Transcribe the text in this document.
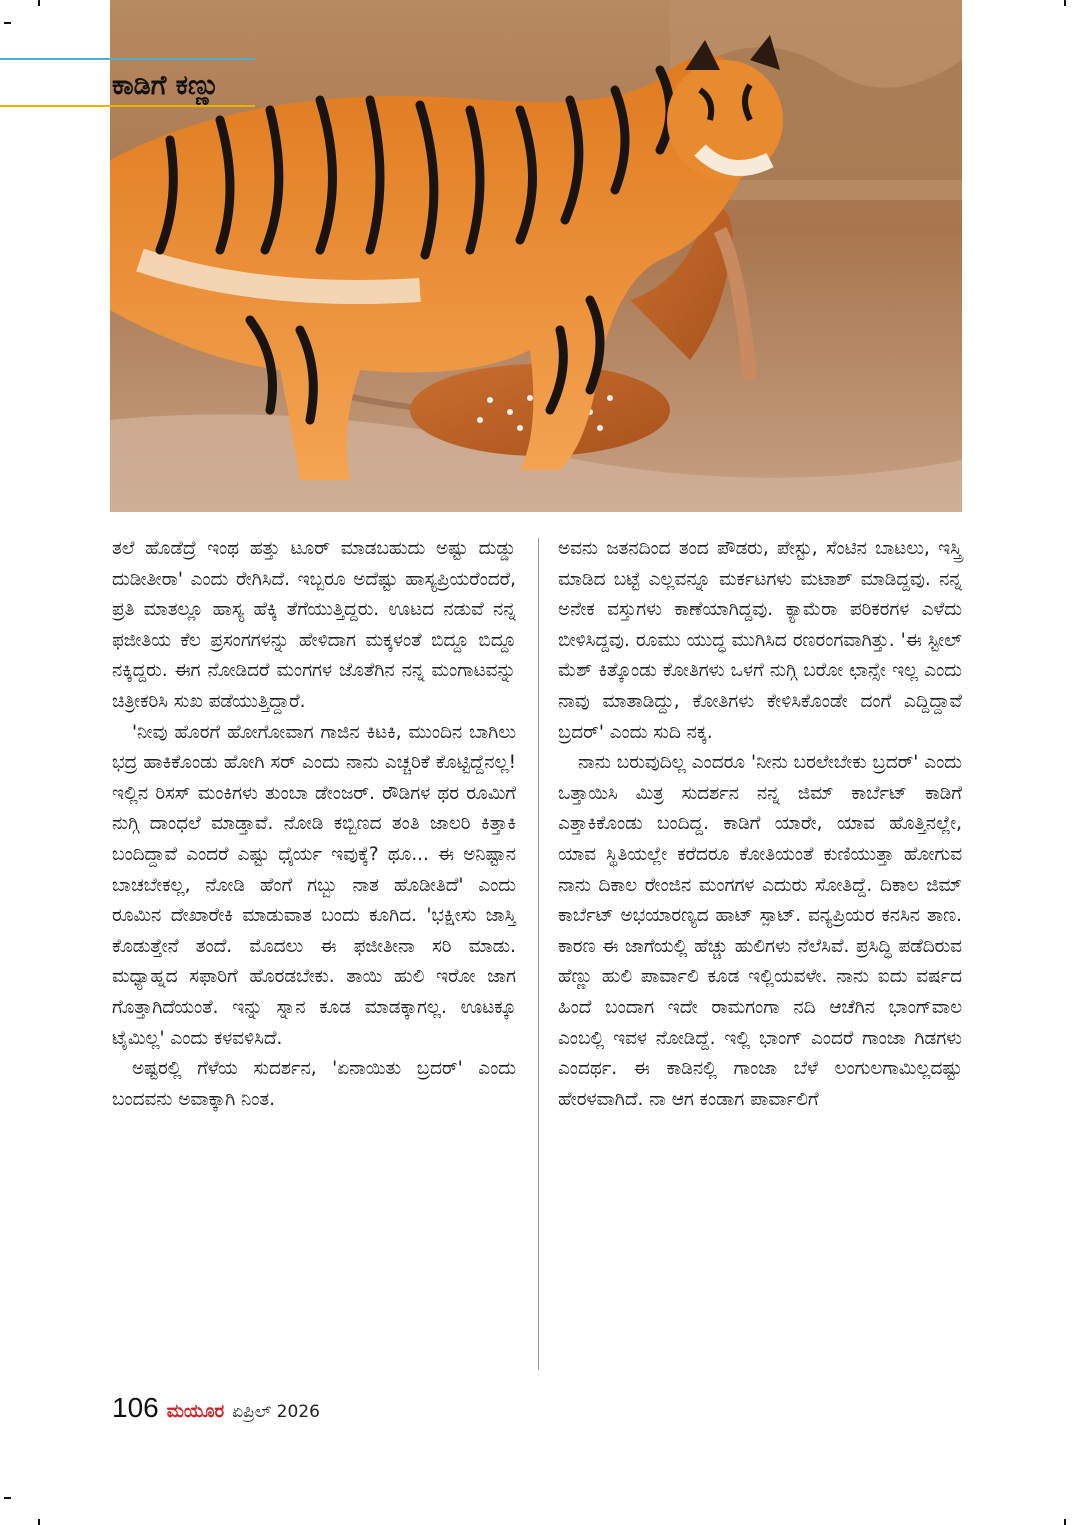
ಕಾಡಿಗೆ ಕಣ್ಣು

ತಲೆ ಹೊಡೆದ್ರೆ ಇಂಥ ಹತ್ತು ಟೂರ್ ಮಾಡಬಹುದು ಅಷ್ಟು ದುಡ್ಡು ದುಡೀತೀರಾ' ಎಂದು ರೇಗಿಸಿದೆ. ಇಬ್ಬರೂ ಅದೆಷ್ಟು ಹಾಸ್ಯಪ್ರಿಯರೆಂದರೆ, ಪ್ರತಿ ಮಾತಲ್ಲೂ ಹಾಸ್ಯ ಹೆಕ್ಕಿ ತೆಗೆಯುತ್ತಿದ್ದರು. ಊಟದ ನಡುವೆ ನನ್ನ ಫಜೀತಿಯ ಕೆಲ ಪ್ರಸಂಗಗಳನ್ನು ಹೇಳಿದಾಗ ಮಕ್ಕಳಂತೆ ಬಿದ್ದೂ ಬಿದ್ದೂ ನಕ್ಕಿದ್ದರು. ಈಗ ನೋಡಿದರೆ ಮಂಗಗಳ ಜೊತೆಗಿನ ನನ್ನ ಮಂಗಾಟವನ್ನು ಚಿತ್ರೀಕರಿಸಿ ಸುಖ ಪಡೆಯುತ್ತಿದ್ದಾರೆ.

'ನೀವು ಹೊರಗೆ ಹೋಗೋವಾಗ ಗಾಜಿನ ಕಿಟಕಿ, ಮುಂದಿನ ಬಾಗಿಲು ಭದ್ರ ಹಾಕಿಕೊಂಡು ಹೋಗಿ ಸರ್ ಎಂದು ನಾನು ಎಚ್ಚರಿಕೆ ಕೊಟ್ಟಿದ್ದೆನಲ್ಲ! ಇಲ್ಲಿನ ರಿಸಸ್ ಮಂಕಿಗಳು ತುಂಬಾ ಡೇಂಜರ್. ರೌಡಿಗಳ ಥರ ರೂಮಿಗೆ ನುಗ್ಗಿ ದಾಂಧಲೆ ಮಾಡ್ತಾವೆ. ನೋಡಿ ಕಬ್ಬಿಣದ ತಂತಿ ಜಾಲರಿ ಕಿತ್ತಾಕಿ ಬಂದಿದ್ದಾವೆ ಎಂದರೆ ಎಷ್ಟು ಧೈರ್ಯ ಇವುಕ್ಕೆ? ಥೂ... ಈ ಅನಿಷ್ಟಾನ ಬಾಚಬೇಕಲ್ಲ, ನೋಡಿ ಹೆಂಗೆ ಗಬ್ಬು ನಾತ ಹೊಡೀತಿದೆ' ಎಂದು ರೂಮಿನ ದೇಖಾರೇಕಿ ಮಾಡುವಾತ ಬಂದು ಕೂಗಿದ. 'ಭಕ್ಷೀಸು ಜಾಸ್ತಿ ಕೊಡುತ್ತೇನೆ ತಂದೆ. ಮೊದಲು ಈ ಫಜೀತೀನಾ ಸರಿ ಮಾಡು. ಮಧ್ಯಾಹ್ನದ ಸಫಾರಿಗೆ ಹೊರಡಬೇಕು. ತಾಯಿ ಹುಲಿ ಇರೋ ಜಾಗ ಗೊತ್ತಾಗಿದೆಯಂತೆ. ಇನ್ನು ಸ್ನಾನ ಕೂಡ ಮಾಡಕ್ಕಾಗಲ್ಲ. ಊಟಕ್ಕೂ ಟೈಮಿಲ್ಲ' ಎಂದು ಕಳವಳಿಸಿದೆ.

ಅಷ್ಟರಲ್ಲಿ ಗೆಳೆಯ ಸುದರ್ಶನ, 'ಏನಾಯಿತು ಬ್ರದರ್' ಎಂದು ಬಂದವನು ಅವಾಕ್ಕಾಗಿ ನಿಂತ.

ಅವನು ಜತನದಿಂದ ತಂದ ಪೌಡರು, ಪೇಸ್ಟು, ಸೆಂಟಿನ ಬಾಟಲು, ಇಸ್ತ್ರಿ ಮಾಡಿದ ಬಟ್ಟೆ ಎಲ್ಲವನ್ನೂ ಮರ್ಕಟಗಳು ಮಟಾಶ್ ಮಾಡಿದ್ದವು. ನನ್ನ ಅನೇಕ ವಸ್ತುಗಳು ಕಾಣೆಯಾಗಿದ್ದವು. ಕ್ಯಾಮೆರಾ ಪರಿಕರಗಳ ಎಳೆದು ಬೀಳಿಸಿದ್ದವು. ರೂಮು ಯುದ್ಧ ಮುಗಿಸಿದ ರಣರಂಗವಾಗಿತ್ತು. 'ಈ ಸ್ಟೀಲ್ ಮೆಶ್ ಕಿತ್ಕೊಂಡು ಕೋತಿಗಳು ಒಳಗೆ ನುಗ್ಗಿ ಬರೋ ಛಾನ್ಸೇ ಇಲ್ಲ ಎಂದು ನಾವು ಮಾತಾಡಿದ್ದು, ಕೋತಿಗಳು ಕೇಳಿಸಿಕೊಂಡೇ ದಂಗೆ ಎದ್ದಿದ್ದಾವೆ ಬ್ರದರ್' ಎಂದು ಸುದಿ ನಕ್ಕ.

ನಾನು ಬರುವುದಿಲ್ಲ ಎಂದರೂ 'ನೀನು ಬರಲೇಬೇಕು ಬ್ರದರ್' ಎಂದು ಒತ್ತಾಯಿಸಿ ಮಿತ್ರ ಸುದರ್ಶನ ನನ್ನ ಜಿಮ್ ಕಾರ್ಬೆಟ್ ಕಾಡಿಗೆ ಎತ್ತಾಕಿಕೊಂಡು ಬಂದಿದ್ದ. ಕಾಡಿಗೆ ಯಾರೇ, ಯಾವ ಹೊತ್ತಿನಲ್ಲೇ, ಯಾವ ಸ್ಥಿತಿಯಲ್ಲೇ ಕರೆದರೂ ಕೋತಿಯಂತೆ ಕುಣಿಯುತ್ತಾ ಹೋಗುವ ನಾನು ದಿಕಾಲ ರೇಂಜಿನ ಮಂಗಗಳ ಎದುರು ಸೋತಿದ್ದೆ. ದಿಕಾಲ ಜಿಮ್ ಕಾರ್ಬೆಟ್ ಅಭಯಾರಣ್ಯದ ಹಾಟ್ ಸ್ಪಾಟ್. ವನ್ಯಪ್ರಿಯರ ಕನಸಿನ ತಾಣ. ಕಾರಣ ಈ ಜಾಗೆಯಲ್ಲಿ ಹೆಚ್ಚು ಹುಲಿಗಳು ನೆಲೆಸಿವೆ. ಪ್ರಸಿದ್ಧಿ ಪಡೆದಿರುವ ಹೆಣ್ಣು ಹುಲಿ ಪಾರ್ವಾಲಿ ಕೂಡ ಇಲ್ಲಿಯವಳೇ. ನಾನು ಐದು ವರ್ಷದ ಹಿಂದೆ ಬಂದಾಗ ಇದೇ ರಾಮಗಂಗಾ ನದಿ ಆಚೆಗಿನ ಭಾಂಗ್‌ವಾಲ ಎಂಬಲ್ಲಿ ಇವಳ ನೋಡಿದ್ದೆ. ಇಲ್ಲಿ ಭಾಂಗ್ ಎಂದರೆ ಗಾಂಜಾ ಗಿಡಗಳು ಎಂದರ್ಥ. ಈ ಕಾಡಿನಲ್ಲಿ ಗಾಂಜಾ ಬೆಳೆ ಲಂಗುಲಗಾಮಿಲ್ಲದಷ್ಟು ಹೇರಳವಾಗಿದೆ. ನಾ ಆಗ ಕಂಡಾಗ ಪಾರ್ವಾಲಿಗೆ

106 ಮಯೂರ ಏಪ್ರಿಲ್ 2026
